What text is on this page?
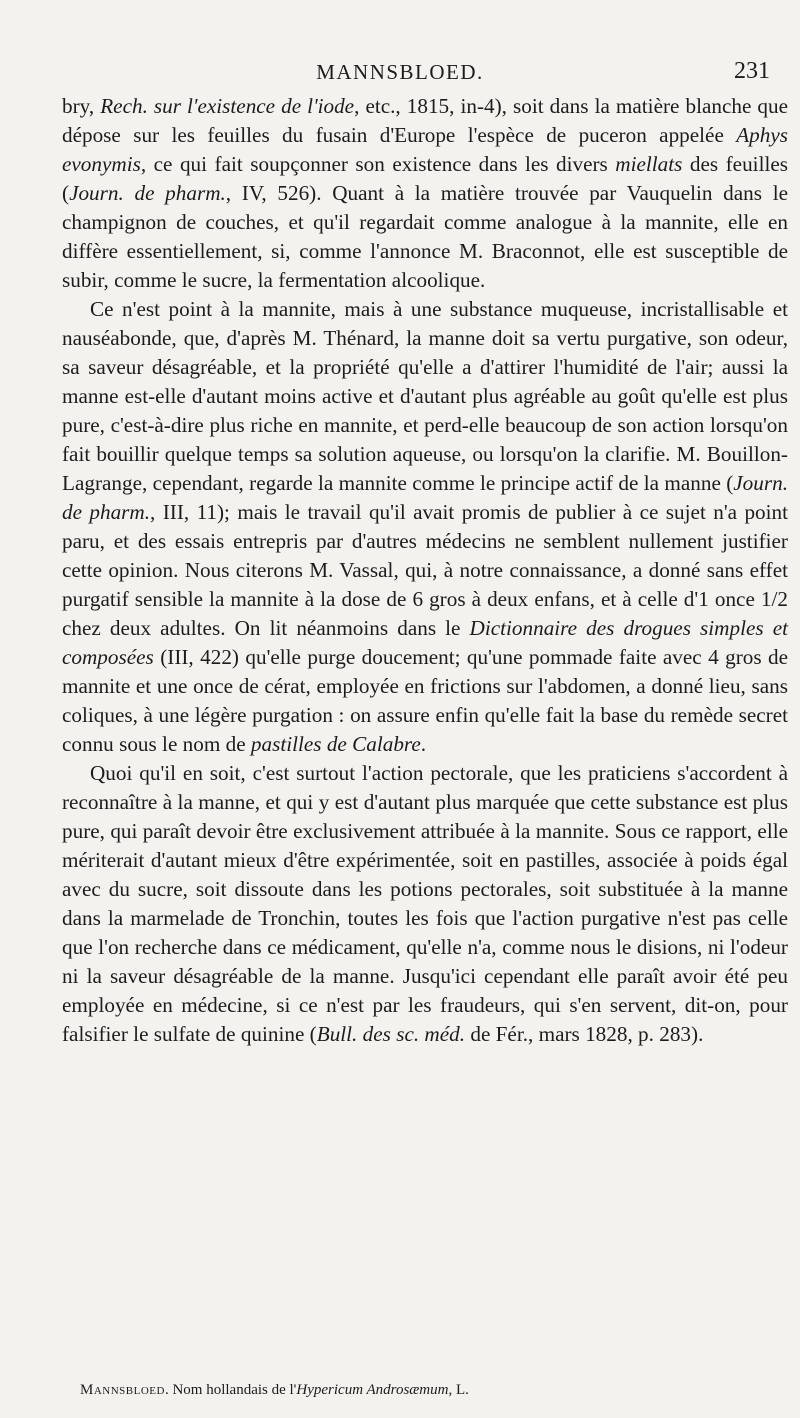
MANNSBLOED.	231

bry, Rech. sur l'existence de l'iode, etc., 1815, in-4), soit dans la matière blanche que dépose sur les feuilles du fusain d'Europe l'espèce de puceron appelée Aphys evonymis, ce qui fait soupçonner son existence dans les divers miellats des feuilles (Journ. de pharm., IV, 526). Quant à la matière trouvée par Vauquelin dans le champignon de couches, et qu'il regardait comme analogue à la mannite, elle en diffère essentiellement, si, comme l'annonce M. Braconnot, elle est susceptible de subir, comme le sucre, la fermentation alcoolique.

Ce n'est point à la mannite, mais à une substance muqueuse, incristallisable et nauséabonde, que, d'après M. Thénard, la manne doit sa vertu purgative, son odeur, sa saveur désagréable, et la propriété qu'elle a d'attirer l'humidité de l'air; aussi la manne est-elle d'autant moins active et d'autant plus agréable au goût qu'elle est plus pure, c'est-à-dire plus riche en mannite, et perd-elle beaucoup de son action lorsqu'on fait bouillir quelque temps sa solution aqueuse, ou lorsqu'on la clarifie. M. Bouillon-Lagrange, cependant, regarde la mannite comme le principe actif de la manne (Journ. de pharm., III, 11); mais le travail qu'il avait promis de publier à ce sujet n'a point paru, et des essais entrepris par d'autres médecins ne semblent nullement justifier cette opinion. Nous citerons M. Vassal, qui, à notre connaissance, a donné sans effet purgatif sensible la mannite à la dose de 6 gros à deux enfans, et à celle d'1 once 1/2 chez deux adultes. On lit néanmoins dans le Dictionnaire des drogues simples et composées (III, 422) qu'elle purge doucement; qu'une pommade faite avec 4 gros de mannite et une once de cérat, employée en frictions sur l'abdomen, a donné lieu, sans coliques, à une légère purgation : on assure enfin qu'elle fait la base du remède secret connu sous le nom de pastilles de Calabre.

Quoi qu'il en soit, c'est surtout l'action pectorale, que les praticiens s'accordent à reconnaître à la manne, et qui y est d'autant plus marquée que cette substance est plus pure, qui paraît devoir être exclusivement attribuée à la mannite. Sous ce rapport, elle mériterait d'autant mieux d'être expérimentée, soit en pastilles, associée à poids égal avec du sucre, soit dissoute dans les potions pectorales, soit substituée à la manne dans la marmelade de Tronchin, toutes les fois que l'action purgative n'est pas celle que l'on recherche dans ce médicament, qu'elle n'a, comme nous le disions, ni l'odeur ni la saveur désagréable de la manne. Jusqu'ici cependant elle paraît avoir été peu employée en médecine, si ce n'est par les fraudeurs, qui s'en servent, dit-on, pour falsifier le sulfate de quinine (Bull. des sc. méd. de Fér., mars 1828, p. 283).

Mannsbloed. Nom hollandais de l'Hypericum Androsæmum, L.
